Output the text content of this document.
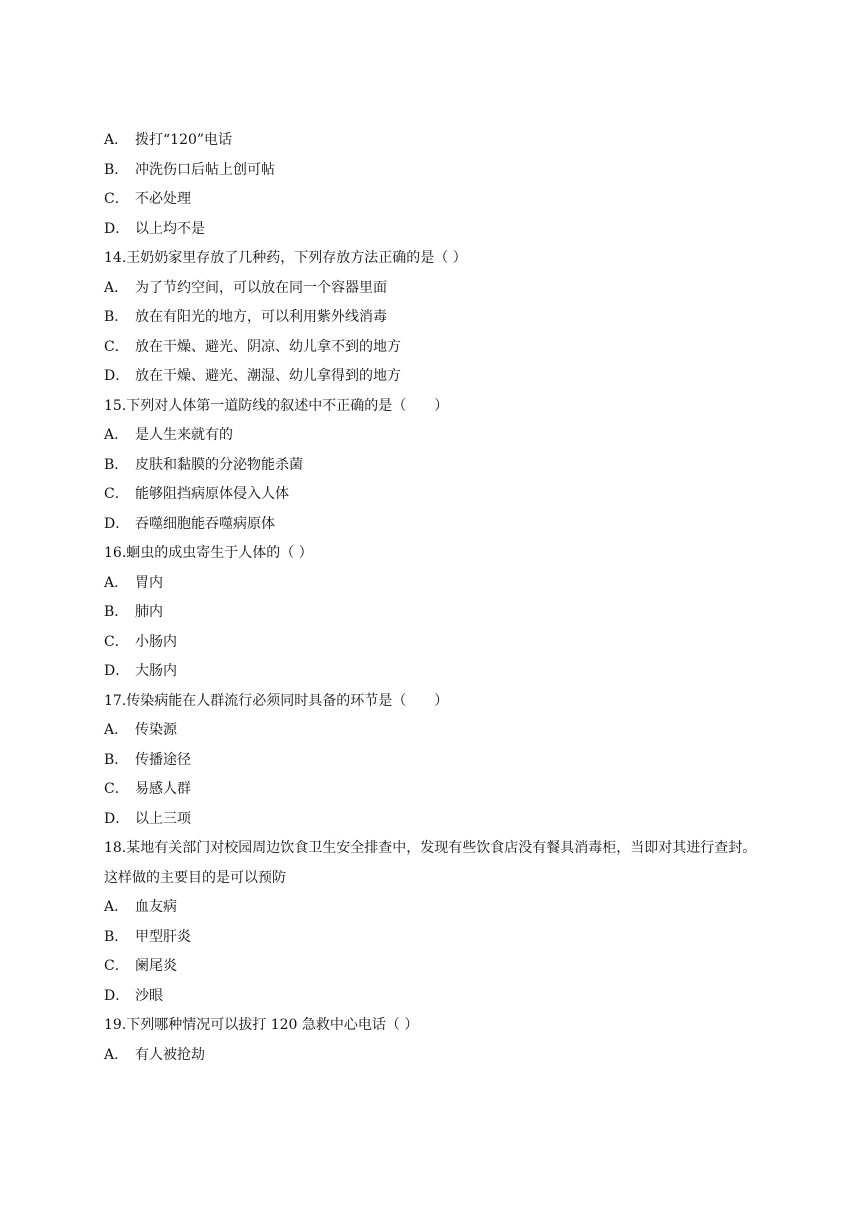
A． 拨打“120”电话
B． 冲洗伤口后帖上创可帖
C． 不必处理
D． 以上均不是
14.王奶奶家里存放了几种药，下列存放方法正确的是（ ）
A． 为了节约空间，可以放在同一个容器里面
B． 放在有阳光的地方，可以利用紫外线消毒
C． 放在干燥、避光、阴凉、幼儿拿不到的地方
D． 放在干燥、避光、潮湿、幼儿拿得到的地方
15.下列对人体第一道防线的叙述中不正确的是（　　）
A． 是人生来就有的
B． 皮肤和黏膜的分泌物能杀菌
C． 能够阻挡病原体侵入人体
D． 吞噬细胞能吞噬病原体
16.蛔虫的成虫寄生于人体的（ ）
A． 胃内
B． 肺内
C． 小肠内
D． 大肠内
17.传染病能在人群流行必须同时具备的环节是（　　）
A． 传染源
B． 传播途径
C． 易感人群
D． 以上三项
18.某地有关部门对校园周边饮食卫生安全排查中，发现有些饮食店没有餐具消毒柜，当即对其进行查封。这样做的主要目的是可以预防
A． 血友病
B． 甲型肝炎
C． 阑尾炎
D． 沙眼
19.下列哪种情况可以拔打 120 急救中心电话（ ）
A． 有人被抢劫
